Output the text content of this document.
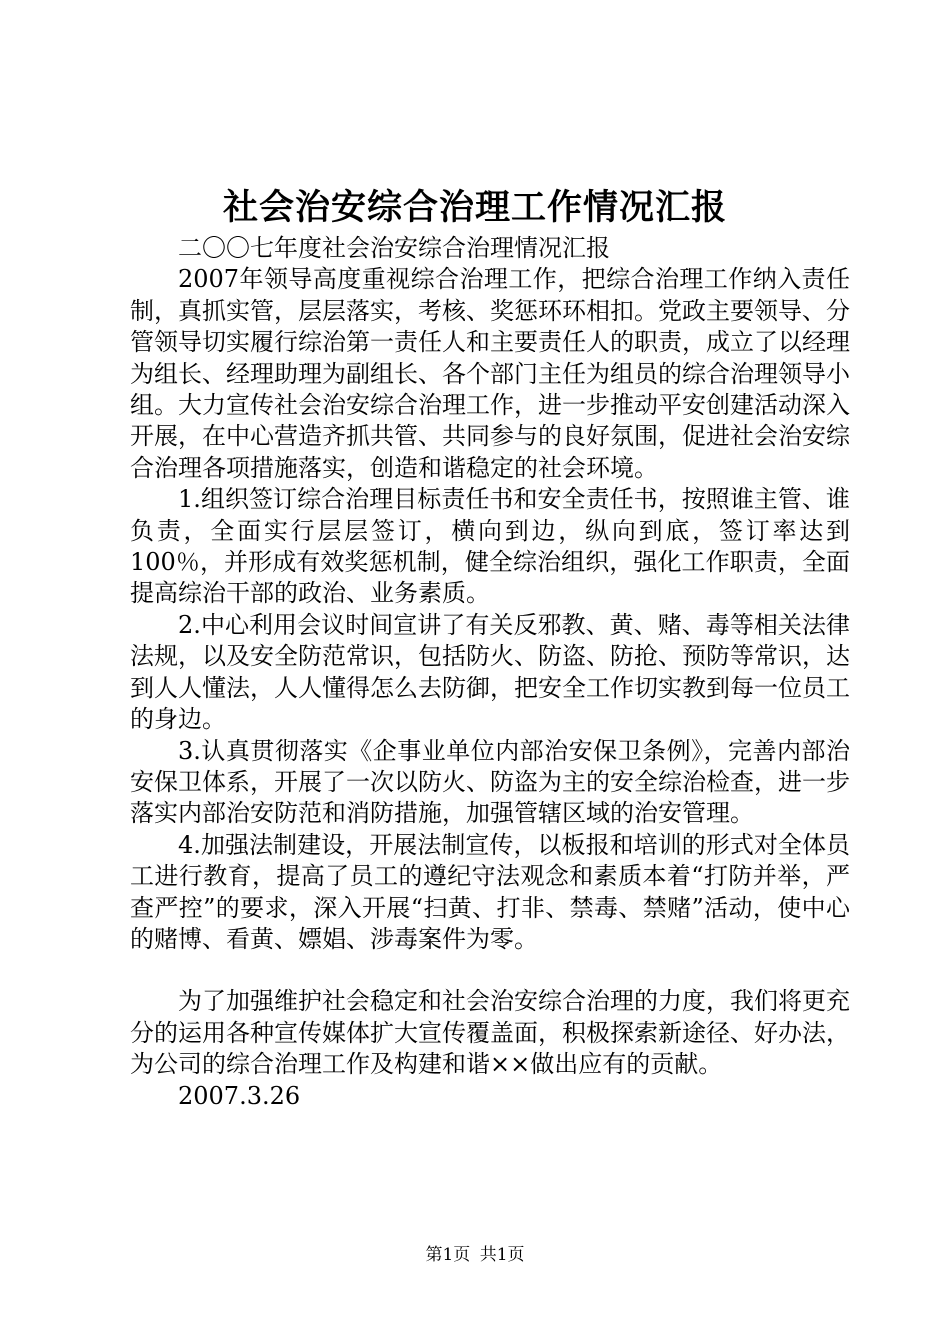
社会治安综合治理工作情况汇报

二〇〇七年度社会治安综合治理情况汇报

2007年领导高度重视综合治理工作，把综合治理工作纳入责任制，真抓实管，层层落实，考核、奖惩环环相扣。党政主要领导、分管领导切实履行综治第一责任人和主要责任人的职责，成立了以经理为组长、经理助理为副组长、各个部门主任为组员的综合治理领导小组。大力宣传社会治安综合治理工作，进一步推动平安创建活动深入开展，在中心营造齐抓共管、共同参与的良好氛围，促进社会治安综合治理各项措施落实，创造和谐稳定的社会环境。

1.组织签订综合治理目标责任书和安全责任书，按照谁主管、谁负责，全面实行层层签订，横向到边，纵向到底，签订率达到100％，并形成有效奖惩机制，健全综治组织，强化工作职责，全面提高综治干部的政治、业务素质。

2.中心利用会议时间宣讲了有关反邪教、黄、赌、毒等相关法律法规，以及安全防范常识，包括防火、防盗、防抢、预防等常识，达到人人懂法，人人懂得怎么去防御，把安全工作切实教到每一位员工的身边。

3.认真贯彻落实《企事业单位内部治安保卫条例》，完善内部治安保卫体系，开展了一次以防火、防盗为主的安全综治检查，进一步落实内部治安防范和消防措施，加强管辖区域的治安管理。

4.加强法制建设，开展法制宣传，以板报和培训的形式对全体员工进行教育，提高了员工的遵纪守法观念和素质本着“打防并举，严查严控”的要求，深入开展“扫黄、打非、禁毒、禁赌”活动，使中心的赌博、看黄、嫖娼、涉毒案件为零。

为了加强维护社会稳定和社会治安综合治理的力度，我们将更充分的运用各种宣传媒体扩大宣传覆盖面，积极探索新途径、好办法，为公司的综合治理工作及构建和谐××做出应有的贡献。

2007.3.26

第1页 共1页
